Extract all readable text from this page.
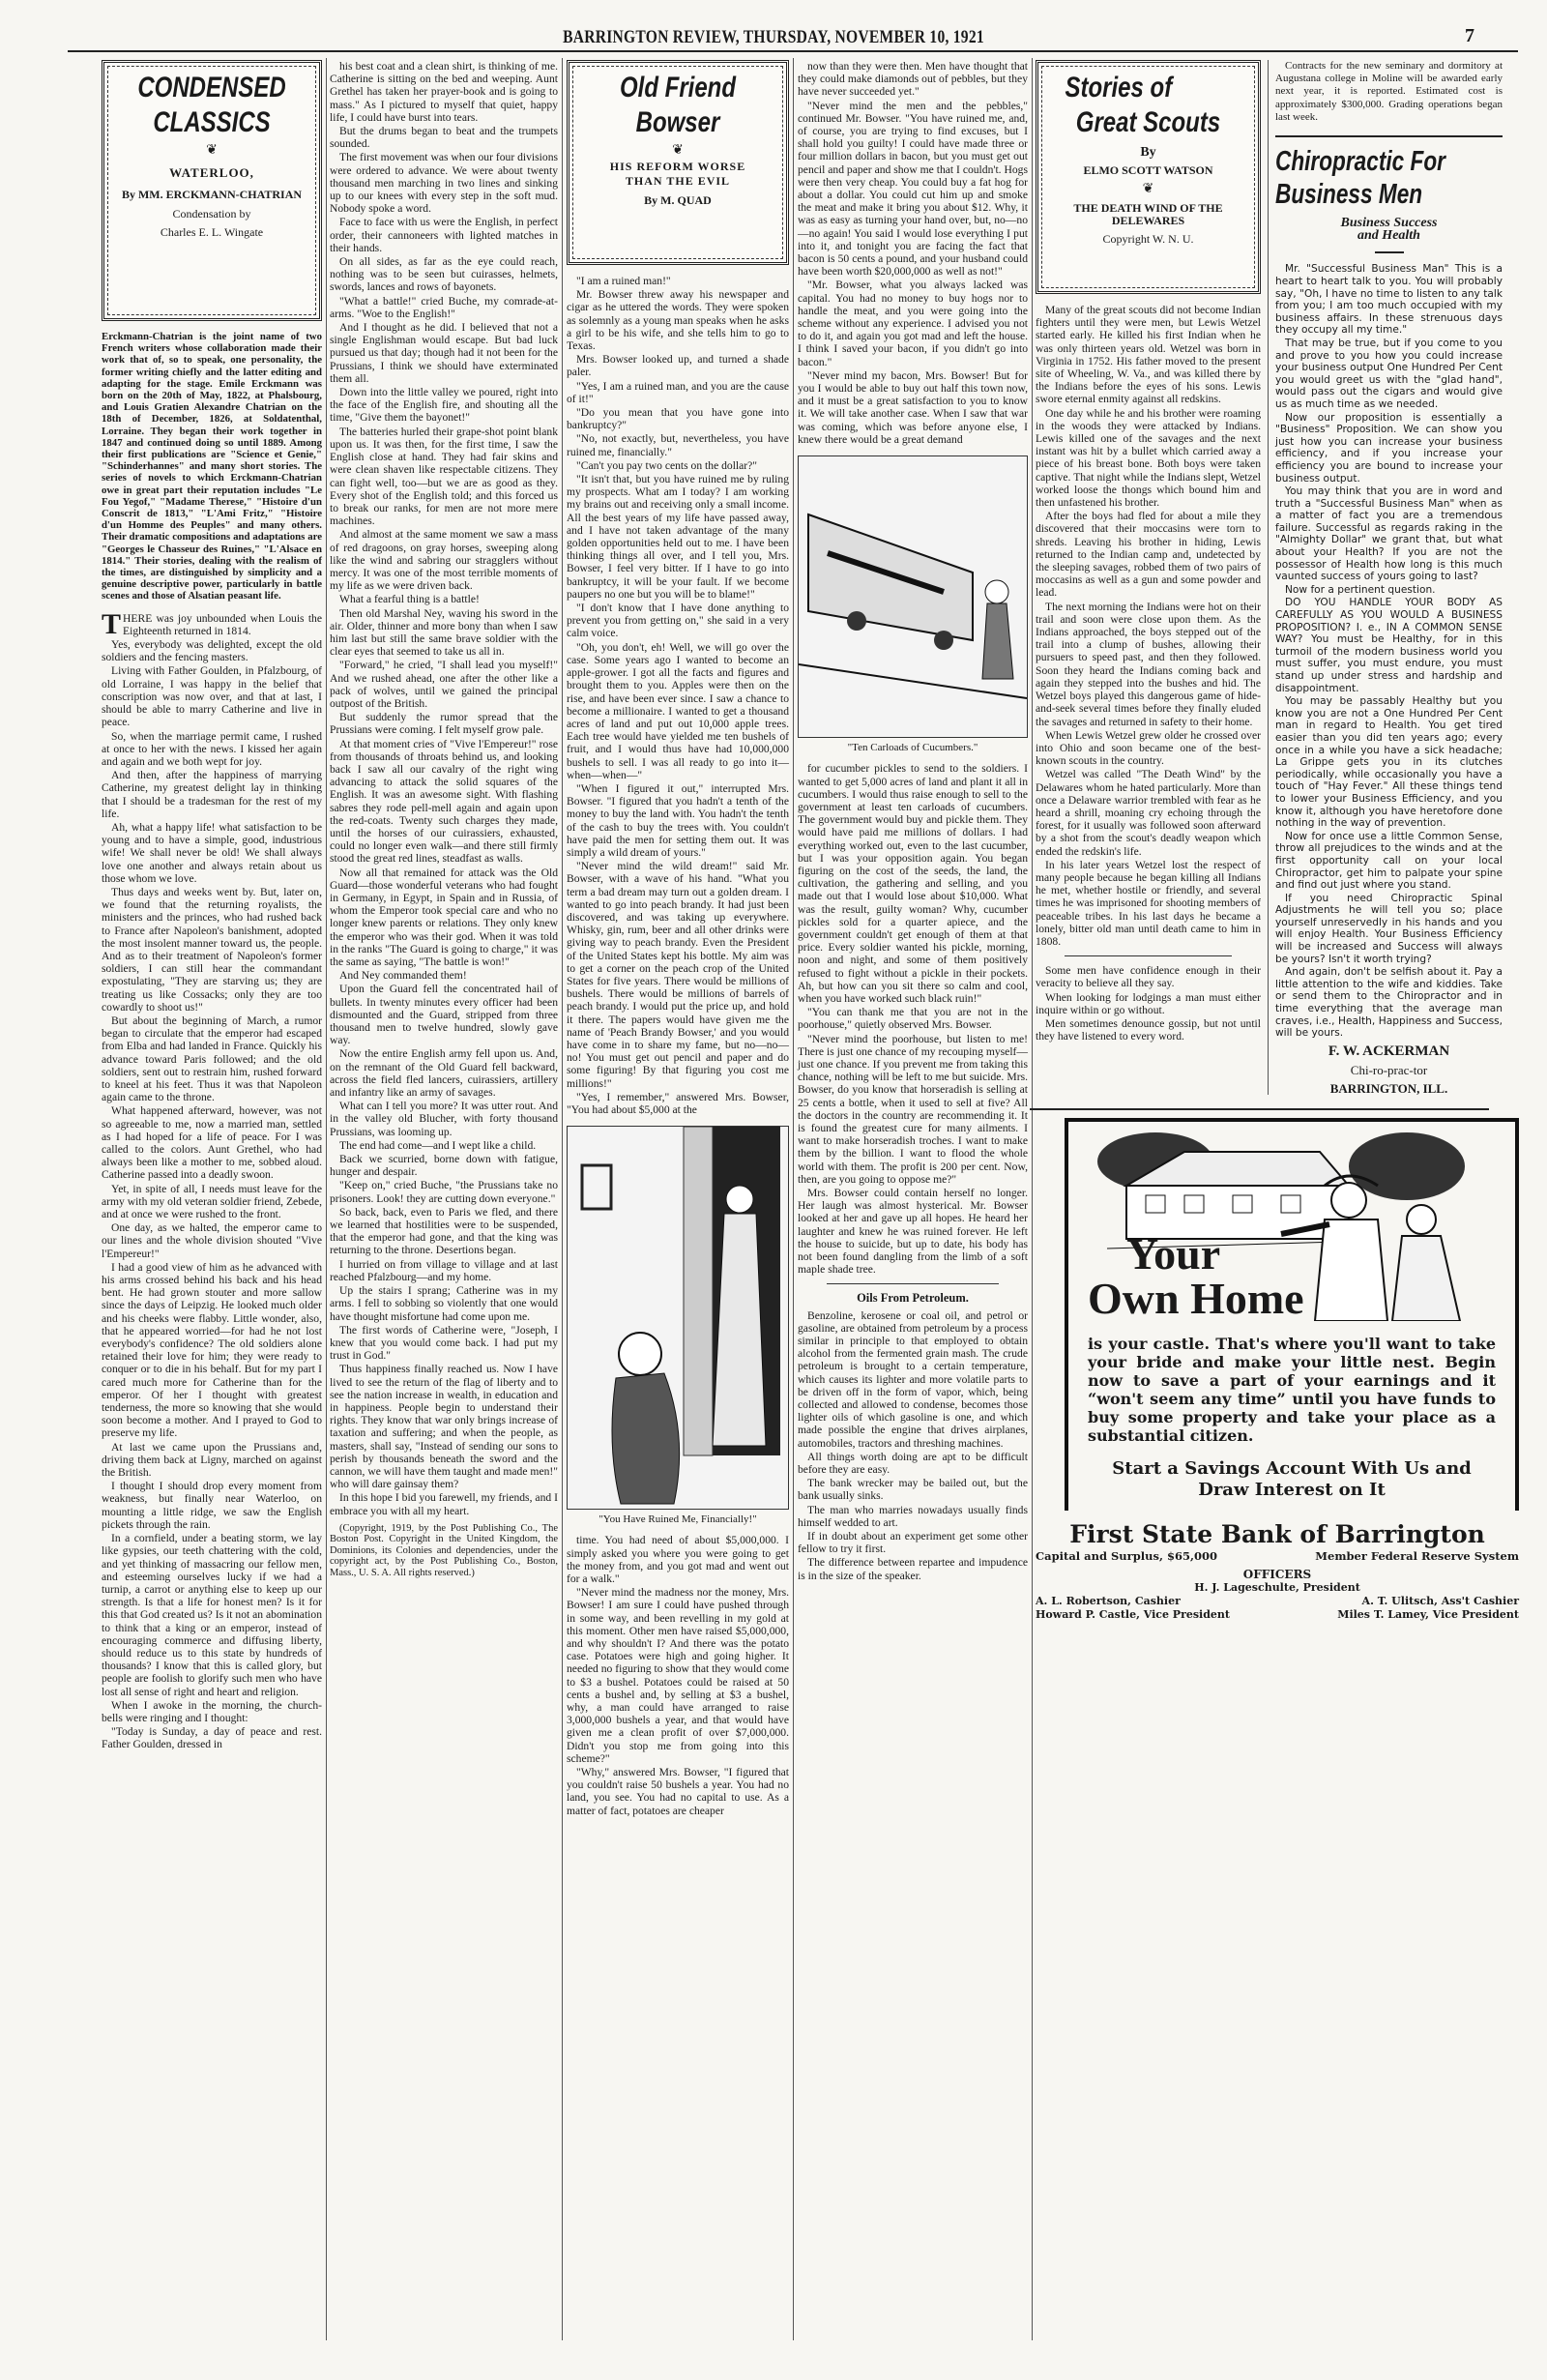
BARRINGTON REVIEW, THURSDAY, NOVEMBER 10, 1921	7
CONDENSED
CLASSICS
❦
WATERLOO,
By MM. ERCKMANN-CHATRIAN
Condensation by
Charles E. L. Wingate
Erckmann-Chatrian is the joint name of two French writers whose collaboration made their work that of, so to speak, one personality, the former writing chiefly and the latter editing and adapting for the stage. Emile Erckmann was born on the 20th of May, 1822, at Phalsbourg, and Louis Gratien Alexandre Chatrian on the 18th of December, 1826, at Soldatenthal, Lorraine. They began their work together in 1847 and continued doing so until 1889. Among their first publications are "Science et Genie," "Schinderhannes" and many short stories. The series of novels to which Erckmann-Chatrian owe in great part their reputation includes "Le Fou Yegof," "Madame Therese," "Histoire d'un Conscrit de 1813," "L'Ami Fritz," "Histoire d'un Homme des Peuples" and many others. Their dramatic compositions and adaptations are "Georges le Chasseur des Ruines," "L'Alsace en 1814." Their stories, dealing with the realism of the times, are distinguished by simplicity and a genuine descriptive power, particularly in battle scenes and those of Alsatian peasant life.

THERE was joy unbounded when Louis the Eighteenth returned in 1814.

Yes, everybody was delighted, except the old soldiers and the fencing masters.

Living with Father Goulden, in Pfalzbourg, of old Lorraine, I was happy in the belief that conscription was now over, and that at last, I should be able to marry Catherine and live in peace.

So, when the marriage permit came, I rushed at once to her with the news. I kissed her again and again and we both wept for joy.

And then, after the happiness of marrying Catherine, my greatest delight lay in thinking that I should be a tradesman for the rest of my life.

Ah, what a happy life! what satisfaction to be young and to have a simple, good, industrious wife! We shall never be old! We shall always love one another and always retain about us those whom we love.

Thus days and weeks went by. But, later on, we found that the returning royalists, the ministers and the princes, who had rushed back to France after Napoleon's banishment, adopted the most insolent manner toward us, the people. And as to their treatment of Napoleon's former soldiers, I can still hear the commandant expostulating, "They are starving us; they are treating us like Cossacks; only they are too cowardly to shoot us!"

But about the beginning of March, a rumor began to circulate that the emperor had escaped from Elba and had landed in France. Quickly his advance toward Paris followed; and the old soldiers, sent out to restrain him, rushed forward to kneel at his feet. Thus it was that Napoleon again came to the throne.

What happened afterward, however, was not so agreeable to me, now a married man, settled as I had hoped for a life of peace. For I was called to the colors. Aunt Grethel, who had always been like a mother to me, sobbed aloud. Catherine passed into a deadly swoon.

Yet, in spite of all, I needs must leave for the army with my old veteran soldier friend, Zebede, and at once we were rushed to the front.

One day, as we halted, the emperor came to our lines and the whole division shouted "Vive l'Empereur!"

I had a good view of him as he advanced with his arms crossed behind his back and his head bent. He had grown stouter and more sallow since the days of Leipzig. He looked much older and his cheeks were flabby. Little wonder, also, that he appeared worried—for had he not lost everybody's confidence? The old soldiers alone retained their love for him; they were ready to conquer or to die in his behalf. But for my part I cared much more for Catherine than for the emperor. Of her I thought with greatest tenderness, the more so knowing that she would soon become a mother. And I prayed to God to preserve my life.

At last we came upon the Prussians and, driving them back at Ligny, marched on against the British.

I thought I should drop every moment from weakness, but finally near Waterloo, on mounting a little ridge, we saw the English pickets through the rain.

In a cornfield, under a beating storm, we lay like gypsies, our teeth chattering with the cold, and yet thinking of massacring our fellow men, and esteeming ourselves lucky if we had a turnip, a carrot or anything else to keep up our strength. Is that a life for honest men? Is it for this that God created us? Is it not an abomination to think that a king or an emperor, instead of encouraging commerce and diffusing liberty, should reduce us to this state by hundreds of thousands? I know that this is called glory, but people are foolish to glorify such men who have lost all sense of right and heart and religion.

When I awoke in the morning, the church-bells were ringing and I thought:

"Today is Sunday, a day of peace and rest. Father Goulden, dressed in

his best coat and a clean shirt, is thinking of me. Catherine is sitting on the bed and weeping. Aunt Grethel has taken her prayer-book and is going to mass." As I pictured to myself that quiet, happy life, I could have burst into tears.

But the drums began to beat and the trumpets sounded.

The first movement was when our four divisions were ordered to advance. We were about twenty thousand men marching in two lines and sinking up to our knees with every step in the soft mud. Nobody spoke a word.

Face to face with us were the English, in perfect order, their cannoneers with lighted matches in their hands.

On all sides, as far as the eye could reach, nothing was to be seen but cuirasses, helmets, swords, lances and rows of bayonets.

"What a battle!" cried Buche, my comrade-at-arms. "Woe to the English!"

And I thought as he did. I believed that not a single Englishman would escape. But bad luck pursued us that day; though had it not been for the Prussians, I think we should have exterminated them all.

Down into the little valley we poured, right into the face of the English fire, and shouting all the time, "Give them the bayonet!"

The batteries hurled their grape-shot point blank upon us. It was then, for the first time, I saw the English close at hand. They had fair skins and were clean shaven like respectable citizens. They can fight well, too—but we are as good as they. Every shot of the English told; and this forced us to break our ranks, for men are not more mere machines.

And almost at the same moment we saw a mass of red dragoons, on gray horses, sweeping along like the wind and sabring our stragglers without mercy. It was one of the most terrible moments of my life as we were driven back.

What a fearful thing is a battle!

Then old Marshal Ney, waving his sword in the air. Older, thinner and more bony than when I saw him last but still the same brave soldier with the clear eyes that seemed to take us all in.

"Forward," he cried, "I shall lead you myself!" And we rushed ahead, one after the other like a pack of wolves, until we gained the principal outpost of the British.

But suddenly the rumor spread that the Prussians were coming. I felt myself grow pale.

At that moment cries of "Vive l'Empereur!" rose from thousands of throats behind us, and looking back I saw all our cavalry of the right wing advancing to attack the solid squares of the English. It was an awesome sight. With flashing sabres they rode pell-mell again and again upon the red-coats. Twenty such charges they made, until the horses of our cuirassiers, exhausted, could no longer even walk—and there still firmly stood the great red lines, steadfast as walls.

Now all that remained for attack was the Old Guard—those wonderful veterans who had fought in Germany, in Egypt, in Spain and in Russia, of whom the Emperor took special care and who no longer knew parents or relations. They only knew the emperor who was their god. When it was told in the ranks "The Guard is going to charge," it was the same as saying, "The battle is won!"

And Ney commanded them!

Upon the Guard fell the concentrated hail of bullets. In twenty minutes every officer had been dismounted and the Guard, stripped from three thousand men to twelve hundred, slowly gave way.

Now the entire English army fell upon us. And, on the remnant of the Old Guard fell backward, across the field fled lancers, cuirassiers, artillery and infantry like an army of savages.

What can I tell you more? It was utter rout. And in the valley old Blucher, with forty thousand Prussians, was looming up.

The end had come—and I wept like a child.

Back we scurried, borne down with fatigue, hunger and despair.

"Keep on," cried Buche, "the Prussians take no prisoners. Look! they are cutting down everyone."

So back, back, even to Paris we fled, and there we learned that hostilities were to be suspended, that the emperor had gone, and that the king was returning to the throne. Desertions began.

I hurried on from village to village and at last reached Pfalzbourg—and my home.

Up the stairs I sprang; Catherine was in my arms. I fell to sobbing so violently that one would have thought misfortune had come upon me.

The first words of Catherine were, "Joseph, I knew that you would come back. I had put my trust in God."

Thus happiness finally reached us. Now I have lived to see the return of the flag of liberty and to see the nation increase in wealth, in education and in happiness. People begin to understand their rights. They know that war only brings increase of taxation and suffering; and when the people, as masters, shall say, "Instead of sending our sons to perish by thousands beneath the sword and the cannon, we will have them taught and made men!" who will dare gainsay them?

In this hope I bid you farewell, my friends, and I embrace you with all my heart.

(Copyright, 1919, by the Post Publishing Co., The Boston Post. Copyright in the United Kingdom, the Dominions, its Colonies and dependencies, under the copyright act, by the Post Publishing Co., Boston, Mass., U. S. A. All rights reserved.)

Old Friend
Bowser
❦
HIS REFORM WORSE
THAN THE EVIL
By M. QUAD

"I am a ruined man!"

Mr. Bowser threw away his newspaper and cigar as he uttered the words. They were spoken as solemnly as a young man speaks when he asks a girl to be his wife, and she tells him to go to Texas.

Mrs. Bowser looked up, and turned a shade paler.

"Yes, I am a ruined man, and you are the cause of it!"

"Do you mean that you have gone into bankruptcy?"

"No, not exactly, but, nevertheless, you have ruined me, financially."

"Can't you pay two cents on the dollar?"

"It isn't that, but you have ruined me by ruling my prospects. What am I today? I am working my brains out and receiving only a small income. All the best years of my life have passed away, and I have not taken advantage of the many golden opportunities held out to me. I have been thinking things all over, and I tell you, Mrs. Bowser, I feel very bitter. If I have to go into bankruptcy, it will be your fault. If we become paupers no one but you will be to blame!"

"I don't know that I have done anything to prevent you from getting on," she said in a very calm voice.

"Oh, you don't, eh! Well, we will go over the case. Some years ago I wanted to become an apple-grower. I got all the facts and figures and brought them to you. Apples were then on the rise, and have been ever since. I saw a chance to become a millionaire. I wanted to get a thousand acres of land and put out 10,000 apple trees. Each tree would have yielded me ten bushels of fruit, and I would thus have had 10,000,000 bushels to sell. I was all ready to go into it—when—when—"

"When I figured it out," interrupted Mrs. Bowser. "I figured that you hadn't a tenth of the money to buy the land with. You hadn't the tenth of the cash to buy the trees with. You couldn't have paid the men for setting them out. It was simply a wild dream of yours."

"Never mind the wild dream!" said Mr. Bowser, with a wave of his hand. "What you term a bad dream may turn out a golden dream. I wanted to go into peach brandy. It had just been discovered, and was taking up everywhere. Whisky, gin, rum, beer and all other drinks were giving way to peach brandy. Even the President of the United States kept his bottle. My aim was to get a corner on the peach crop of the United States for five years. There would be millions of bushels. There would be millions of barrels of peach brandy. I would put the price up, and hold it there. The papers would have given me the name of 'Peach Brandy Bowser,' and you would have come in to share my fame, but no—no—no! You must get out pencil and paper and do some figuring! By that figuring you cost me millions!"

"Yes, I remember," answered Mrs. Bowser, "You had about $5,000 at the

"You Have Ruined Me, Financially!"

time. You had need of about $5,000,000. I simply asked you where you were going to get the money from, and you got mad and went out for a walk."

"Never mind the madness nor the money, Mrs. Bowser! I am sure I could have pushed through in some way, and been revelling in my gold at this moment. Other men have raised $5,000,000, and why shouldn't I? And there was the potato case. Potatoes were high and going higher. It needed no figuring to show that they would come to $3 a bushel. Potatoes could be raised at 50 cents a bushel and, by selling at $3 a bushel, why, a man could have arranged to raise 3,000,000 bushels a year, and that would have given me a clean profit of over $7,000,000. Didn't you stop me from going into this scheme?"

"Why," answered Mrs. Bowser, "I figured that you couldn't raise 50 bushels a year. You had no land, you see. You had no capital to use. As a matter of fact, potatoes are cheaper

now than they were then. Men have thought that they could make diamonds out of pebbles, but they have never succeeded yet."

"Never mind the men and the pebbles," continued Mr. Bowser. "You have ruined me, and, of course, you are trying to find excuses, but I shall hold you guilty! I could have made three or four million dollars in bacon, but you must get out pencil and paper and show me that I couldn't. Hogs were then very cheap. You could buy a fat hog for about a dollar. You could cut him up and smoke the meat and make it bring you about $12. Why, it was as easy as turning your hand over, but, no—no—no again! You said I would lose everything I put into it, and tonight you are facing the fact that bacon is 50 cents a pound, and your husband could have been worth $20,000,000 as well as not!"

"Mr. Bowser, what you always lacked was capital. You had no money to buy hogs nor to handle the meat, and you were going into the scheme without any experience. I advised you not to do it, and again you got mad and left the house. I think I saved your bacon, if you didn't go into bacon."

"Never mind my bacon, Mrs. Bowser! But for you I would be able to buy out half this town now, and it must be a great satisfaction to you to know it. We will take another case. When I saw that war was coming, which was before anyone else, I knew there would be a great demand

"Ten Carloads of Cucumbers."

for cucumber pickles to send to the soldiers. I wanted to get 5,000 acres of land and plant it all in cucumbers. I would thus raise enough to sell to the government at least ten carloads of cucumbers. The government would buy and pickle them. They would have paid me millions of dollars. I had everything worked out, even to the last cucumber, but I was your opposition again. You began figuring on the cost of the seeds, the land, the cultivation, the gathering and selling, and you made out that I would lose about $10,000. What was the result, guilty woman? Why, cucumber pickles sold for a quarter apiece, and the government couldn't get enough of them at that price. Every soldier wanted his pickle, morning, noon and night, and some of them positively refused to fight without a pickle in their pockets. Ah, but how can you sit there so calm and cool, when you have worked such black ruin!"

"You can thank me that you are not in the poorhouse," quietly observed Mrs. Bowser.

"Never mind the poorhouse, but listen to me! There is just one chance of my recouping myself—just one chance. If you prevent me from taking this chance, nothing will be left to me but suicide. Mrs. Bowser, do you know that horseradish is selling at 25 cents a bottle, when it used to sell at five? All the doctors in the country are recommending it. It is found the greatest cure for many ailments. I want to make horseradish troches. I want to make them by the billion. I want to flood the whole world with them. The profit is 200 per cent. Now, then, are you going to oppose me?"

Mrs. Bowser could contain herself no longer. Her laugh was almost hysterical. Mr. Bowser looked at her and gave up all hopes. He heard her laughter and knew he was ruined forever. He left the house to suicide, but up to date, his body has not been found dangling from the limb of a soft maple shade tree.

Oils From Petroleum.

Benzoline, kerosene or coal oil, and petrol or gasoline, are obtained from petroleum by a process similar in principle to that employed to obtain alcohol from the fermented grain mash. The crude petroleum is brought to a certain temperature, which causes its lighter and more volatile parts to be driven off in the form of vapor, which, being collected and allowed to condense, becomes those lighter oils of which gasoline is one, and which made possible the engine that drives airplanes, automobiles, tractors and threshing machines.

All things worth doing are apt to be difficult before they are easy.

The bank wrecker may be bailed out, but the bank usually sinks.

The man who marries nowadays usually finds himself wedded to art.

If in doubt about an experiment get some other fellow to try it first.

The difference between repartee and impudence is in the size of the speaker.

Stories of
Great Scouts
By
ELMO SCOTT WATSON
❦
THE DEATH WIND OF THE DELEWARES
Copyright W. N. U.

Many of the great scouts did not become Indian fighters until they were men, but Lewis Wetzel started early. He killed his first Indian when he was only thirteen years old. Wetzel was born in Virginia in 1752. His father moved to the present site of Wheeling, W. Va., and was killed there by the Indians before the eyes of his sons. Lewis swore eternal enmity against all redskins.

One day while he and his brother were roaming in the woods they were attacked by Indians. Lewis killed one of the savages and the next instant was hit by a bullet which carried away a piece of his breast bone. Both boys were taken captive. That night while the Indians slept, Wetzel worked loose the thongs which bound him and then unfastened his brother.

After the boys had fled for about a mile they discovered that their moccasins were torn to shreds. Leaving his brother in hiding, Lewis returned to the Indian camp and, undetected by the sleeping savages, robbed them of two pairs of moccasins as well as a gun and some powder and lead.

The next morning the Indians were hot on their trail and soon were close upon them. As the Indians approached, the boys stepped out of the trail into a clump of bushes, allowing their pursuers to speed past, and then they followed. Soon they heard the Indians coming back and again they stepped into the bushes and hid. The Wetzel boys played this dangerous game of hide-and-seek several times before they finally eluded the savages and returned in safety to their home.

When Lewis Wetzel grew older he crossed over into Ohio and soon became one of the best-known scouts in the country.

Wetzel was called "The Death Wind" by the Delawares whom he hated particularly. More than once a Delaware warrior trembled with fear as he heard a shrill, moaning cry echoing through the forest, for it usually was followed soon afterward by a shot from the scout's deadly weapon which ended the redskin's life.

In his later years Wetzel lost the respect of many people because he began killing all Indians he met, whether hostile or friendly, and several times he was imprisoned for shooting members of peaceable tribes. In his last days he became a lonely, bitter old man until death came to him in 1808.

Some men have confidence enough in their veracity to believe all they say.

When looking for lodgings a man must either inquire within or go without.

Men sometimes denounce gossip, but not until they have listened to every word.

Contracts for the new seminary and dormitory at Augustana college in Moline will be awarded early next year, it is reported. Estimated cost is approximately $300,000. Grading operations began last week.

Chiropractic For
Business Men
Business Success
and Health

Mr. "Successful Business Man" This is a heart to heart talk to you. You will probably say, "Oh, I have no time to listen to any talk from you; I am too much occupied with my business affairs. In these strenuous days they occupy all my time."

That may be true, but if you come to you and prove to you how you could increase your business output One Hundred Per Cent you would greet us with the "glad hand", would pass out the cigars and would give us as much time as we needed.

Now our proposition is essentially a "Business" Proposition. We can show you just how you can increase your business efficiency, and if you increase your efficiency you are bound to increase your business output.

You may think that you are in word and truth a "Successful Business Man" when as a matter of fact you are a tremendous failure. Successful as regards raking in the "Almighty Dollar" we grant that, but what about your Health? If you are not the possessor of Health how long is this much vaunted success of yours going to last?

Now for a pertinent question.

DO YOU HANDLE YOUR BODY AS CAREFULLY AS YOU WOULD A BUSINESS PROPOSITION? I. e., IN A COMMON SENSE WAY? You must be Healthy, for in this turmoil of the modern business world you must suffer, you must endure, you must stand up under stress and hardship and disappointment.

You may be passably Healthy but you know you are not a One Hundred Per Cent man in regard to Health. You get tired easier than you did ten years ago; every once in a while you have a sick headache; La Grippe gets you in its clutches periodically, while occasionally you have a touch of "Hay Fever." All these things tend to lower your Business Efficiency, and you know it, although you have heretofore done nothing in the way of prevention.

Now for once use a little Common Sense, throw all prejudices to the winds and at the first opportunity call on your local Chiropractor, get him to palpate your spine and find out just where you stand.

If you need Chiropractic Spinal Adjustments he will tell you so; place yourself unreservedly in his hands and you will enjoy Health. Your Business Efficiency will be increased and Success will always be yours? Isn't it worth trying?

And again, don't be selfish about it. Pay a little attention to the wife and kiddies. Take or send them to the Chiropractor and in time everything that the average man craves, i.e., Health, Happiness and Success, will be yours.

F. W. ACKERMAN
Chi-ro-prac-tor
BARRINGTON, ILL.
Your
Own Home
is your castle. That's where you'll want to take your bride and make your little nest. Begin now to save a part of your earnings and it “won't seem any time” until you have funds to buy some property and take your place as a substantial citizen.
Start a Savings Account With Us and Draw Interest on It
First State Bank of Barrington
Capital and Surplus, $65,000	Member Federal Reserve System
OFFICERS
H. J. Lageschulte, President
A. L. Robertson, Cashier	A. T. Ulitsch, Ass't Cashier
Howard P. Castle, Vice President	Miles T. Lamey, Vice President
